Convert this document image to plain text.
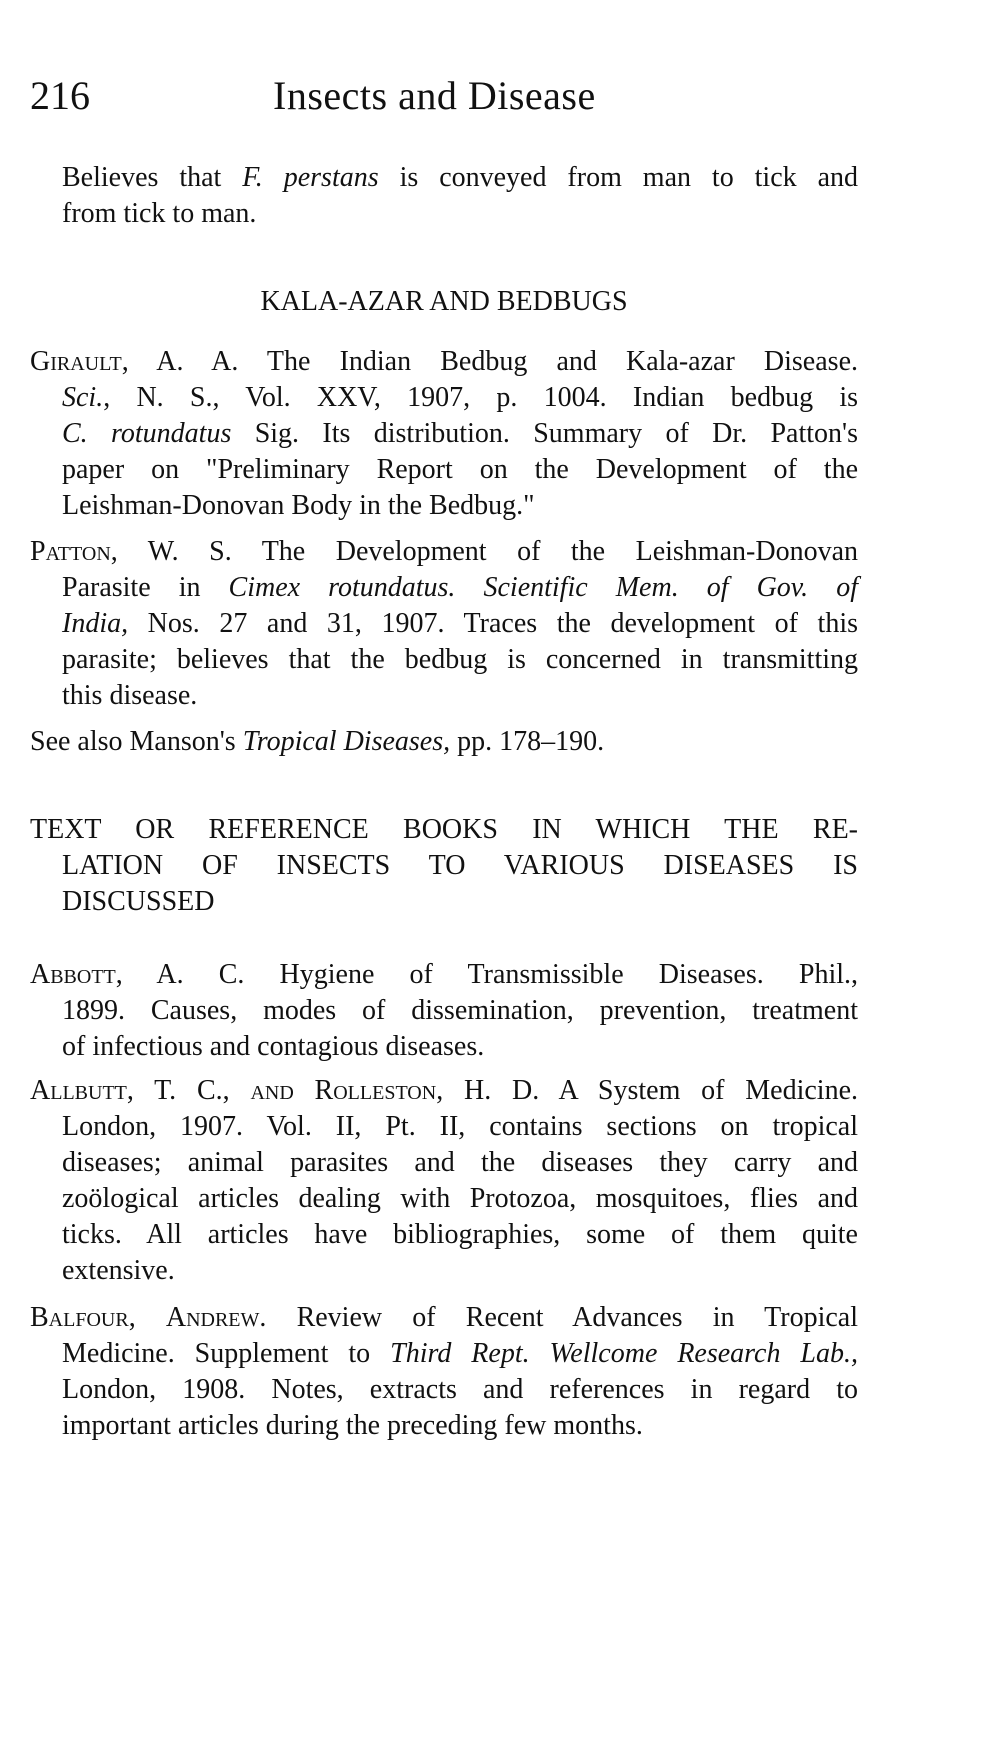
216	Insects and Disease
Believes that F. perstans is conveyed from man to tick and
from tick to man.
KALA-AZAR AND BEDBUGS
Girault, A. A. The Indian Bedbug and Kala-azar Disease.
Sci., N. S., Vol. XXV, 1907, p. 1004. Indian bedbug is
C. rotundatus Sig. Its distribution. Summary of Dr. Patton's
paper on "Preliminary Report on the Development of the
Leishman-Donovan Body in the Bedbug."
Patton, W. S. The Development of the Leishman-Donovan
Parasite in Cimex rotundatus. Scientific Mem. of Gov. of
India, Nos. 27 and 31, 1907. Traces the development of this
parasite; believes that the bedbug is concerned in transmitting
this disease.
See also Manson's Tropical Diseases, pp. 178–190.
TEXT OR REFERENCE BOOKS IN WHICH THE RE-
LATION OF INSECTS TO VARIOUS DISEASES IS
DISCUSSED
Abbott, A. C. Hygiene of Transmissible Diseases. Phil.,
1899. Causes, modes of dissemination, prevention, treatment
of infectious and contagious diseases.
Allbutt, T. C., and Rolleston, H. D. A System of Medicine.
London, 1907. Vol. II, Pt. II, contains sections on tropical
diseases; animal parasites and the diseases they carry and
zoölogical articles dealing with Protozoa, mosquitoes, flies and
ticks. All articles have bibliographies, some of them quite
extensive.
Balfour, Andrew. Review of Recent Advances in Tropical
Medicine. Supplement to Third Rept. Wellcome Research Lab.,
London, 1908. Notes, extracts and references in regard to
important articles during the preceding few months.
